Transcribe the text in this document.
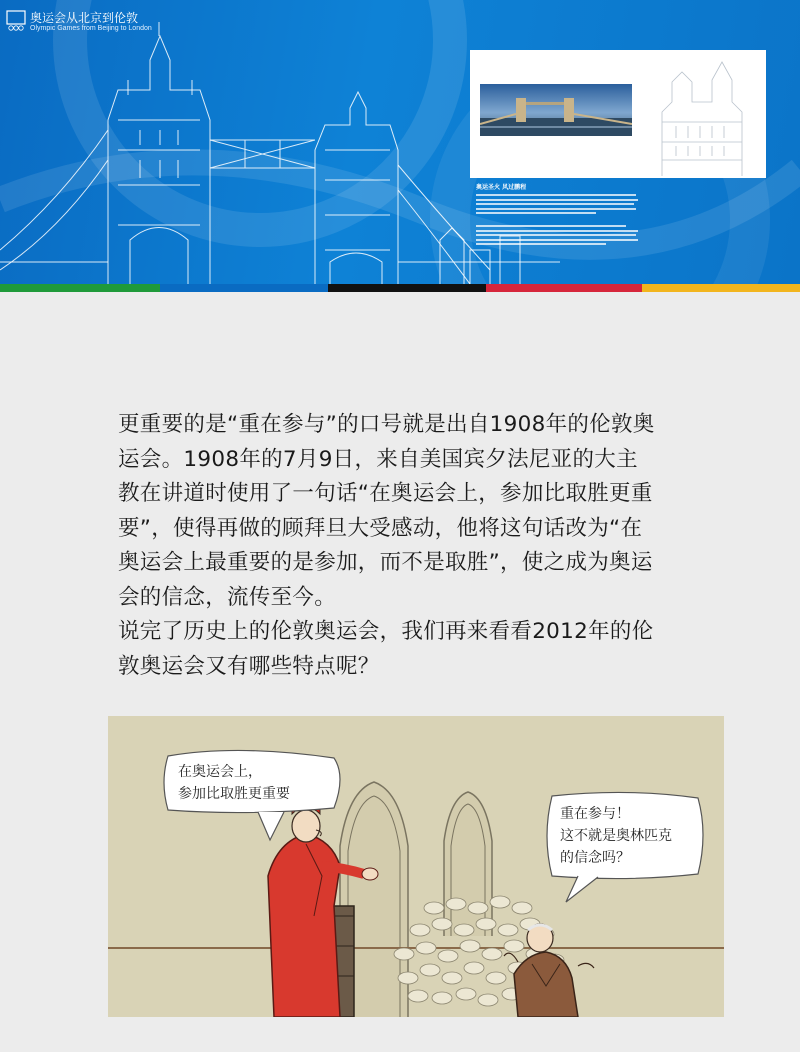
奥运会从北京到伦敦
Olympic Games from Beijing to London
奥运圣火 风过鹏程

更重要的是“重在参与”的口号就是出自1908年的伦敦奥运会。1908年的7月9日，来自美国宾夕法尼亚的大主教在讲道时使用了一句话“在奥运会上，参加比取胜更重要”，使得再做的顾拜旦大受感动，他将这句话改为“在奥运会上最重要的是参加，而不是取胜”，使之成为奥运会的信念，流传至今。

说完了历史上的伦敦奥运会，我们再来看看2012年的伦敦奥运会又有哪些特点呢？

在奥运会上，
参加比取胜更重要
重在参与！
这不就是奥林匹克
的信念吗？
